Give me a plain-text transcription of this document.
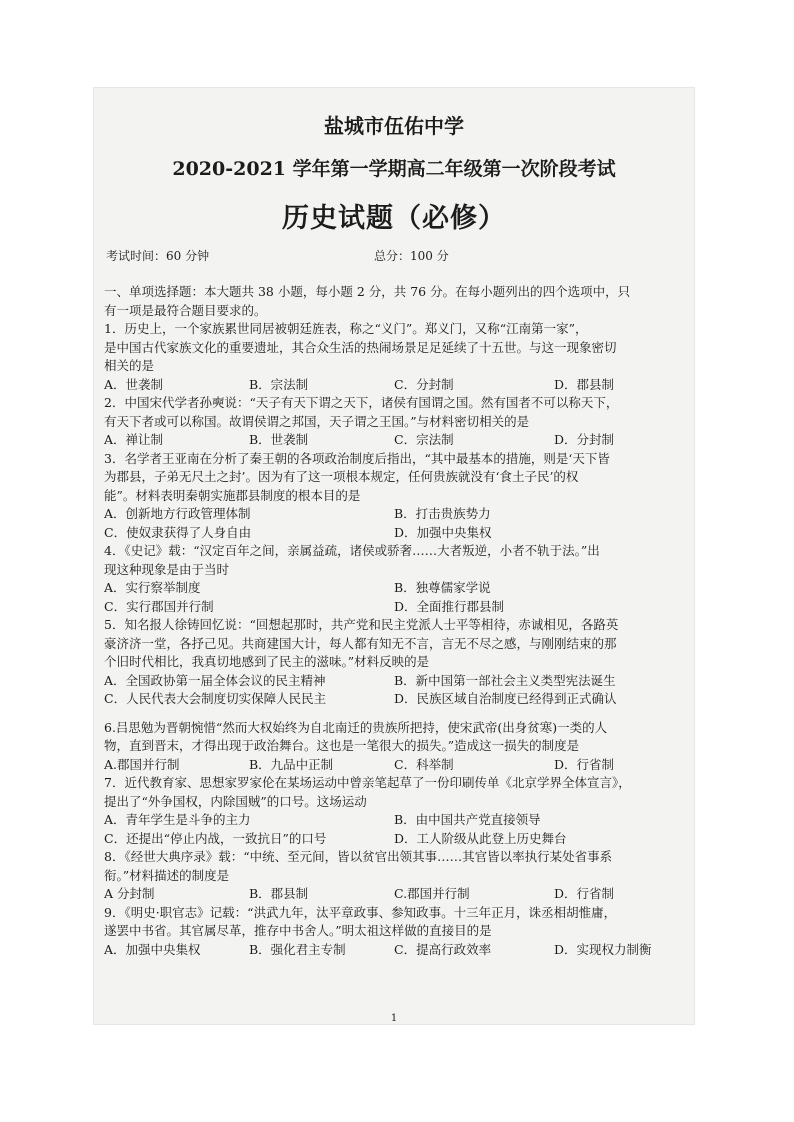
盐城市伍佑中学
2020-2021 学年第一学期高二年级第一次阶段考试
历史试题（必修）
考试时间：60 分钟	总分：100 分
一、单项选择题：本大题共 38 小题，每小题 2 分，共 76 分。在每小题列出的四个选项中，只
有一项是最符合题目要求的。
1．历史上，一个家族累世同居被朝廷旌表，称之“义门”。郑义门，又称“江南第一家”，
是中国古代家族文化的重要遗址，其合众生活的热闹场景足足延续了十五世。与这一现象密切
相关的是
A．世袭制	B．宗法制	C．分封制	D．郡县制
2．中国宋代学者孙奭说：“天子有天下谓之天下，诸侯有国谓之国。然有国者不可以称天下，
有天下者或可以称国。故谓侯谓之邦国，天子谓之王国。”与材料密切相关的是
A．禅让制	B．世袭制	C．宗法制	D．分封制
3．名学者王亚南在分析了秦王朝的各项政治制度后指出，“其中最基本的措施，则是‘天下皆
为郡县，子弟无尺土之封’。因为有了这一项根本规定，任何贵族就没有‘食土子民’的权
能”。材料表明秦朝实施郡县制度的根本目的是
A．创新地方行政管理体制	B．打击贵族势力
C．使奴隶获得了人身自由	D．加强中央集权
4．《史记》载：“汉定百年之间，亲属益疏，诸侯或骄奢……大者叛逆，小者不轨于法。”出
现这种现象是由于当时
A．实行察举制度	B．独尊儒家学说
C．实行郡国并行制	D．全面推行郡县制
5．知名报人徐铸回忆说：“回想起那时，共产党和民主党派人士平等相待，赤诚相见，各路英
豪济济一堂，各抒己见。共商建国大计，每人都有知无不言，言无不尽之感，与刚刚结束的那
个旧时代相比，我真切地感到了民主的滋味。”材料反映的是
A．全国政协第一届全体会议的民主精神	B．新中国第一部社会主义类型宪法诞生
C．人民代表大会制度切实保障人民民主	D．民族区域自治制度已经得到正式确认
6.吕思勉为晋朝惋惜“然而大权始终为自北南迁的贵族所把持，使宋武帝(出身贫寒)一类的人
物，直到晋末，才得出现于政治舞台。这也是一笔很大的损失。”造成这一损失的制度是
A.郡国并行制	B．九品中正制	C．科举制	D．行省制
7．近代教育家、思想家罗家伦在某场运动中曾亲笔起草了一份印刷传单《北京学界全体宣言》，
提出了“外争国权，内除国贼”的口号。这场运动
A．青年学生是斗争的主力	B．由中国共产党直接领导
C．还提出“停止内战，一致抗日”的口号	D．工人阶级从此登上历史舞台
8．《经世大典序录》载：“中统、至元间，皆以贫官出领其事……其官皆以率执行某处省事系
衔。”材料描述的制度是
A 分封制	B．郡县制	C.郡国并行制	D．行省制
9．《明史·职官志》记载：“洪武九年，汰平章政事、参知政事。十三年正月，诛丞相胡惟庸，
遂罢中书省。其官属尽革，推存中书舍人。”明太祖这样做的直接目的是
A．加强中央集权	B．强化君主专制	C．提高行政效率	D．实现权力制衡
1
